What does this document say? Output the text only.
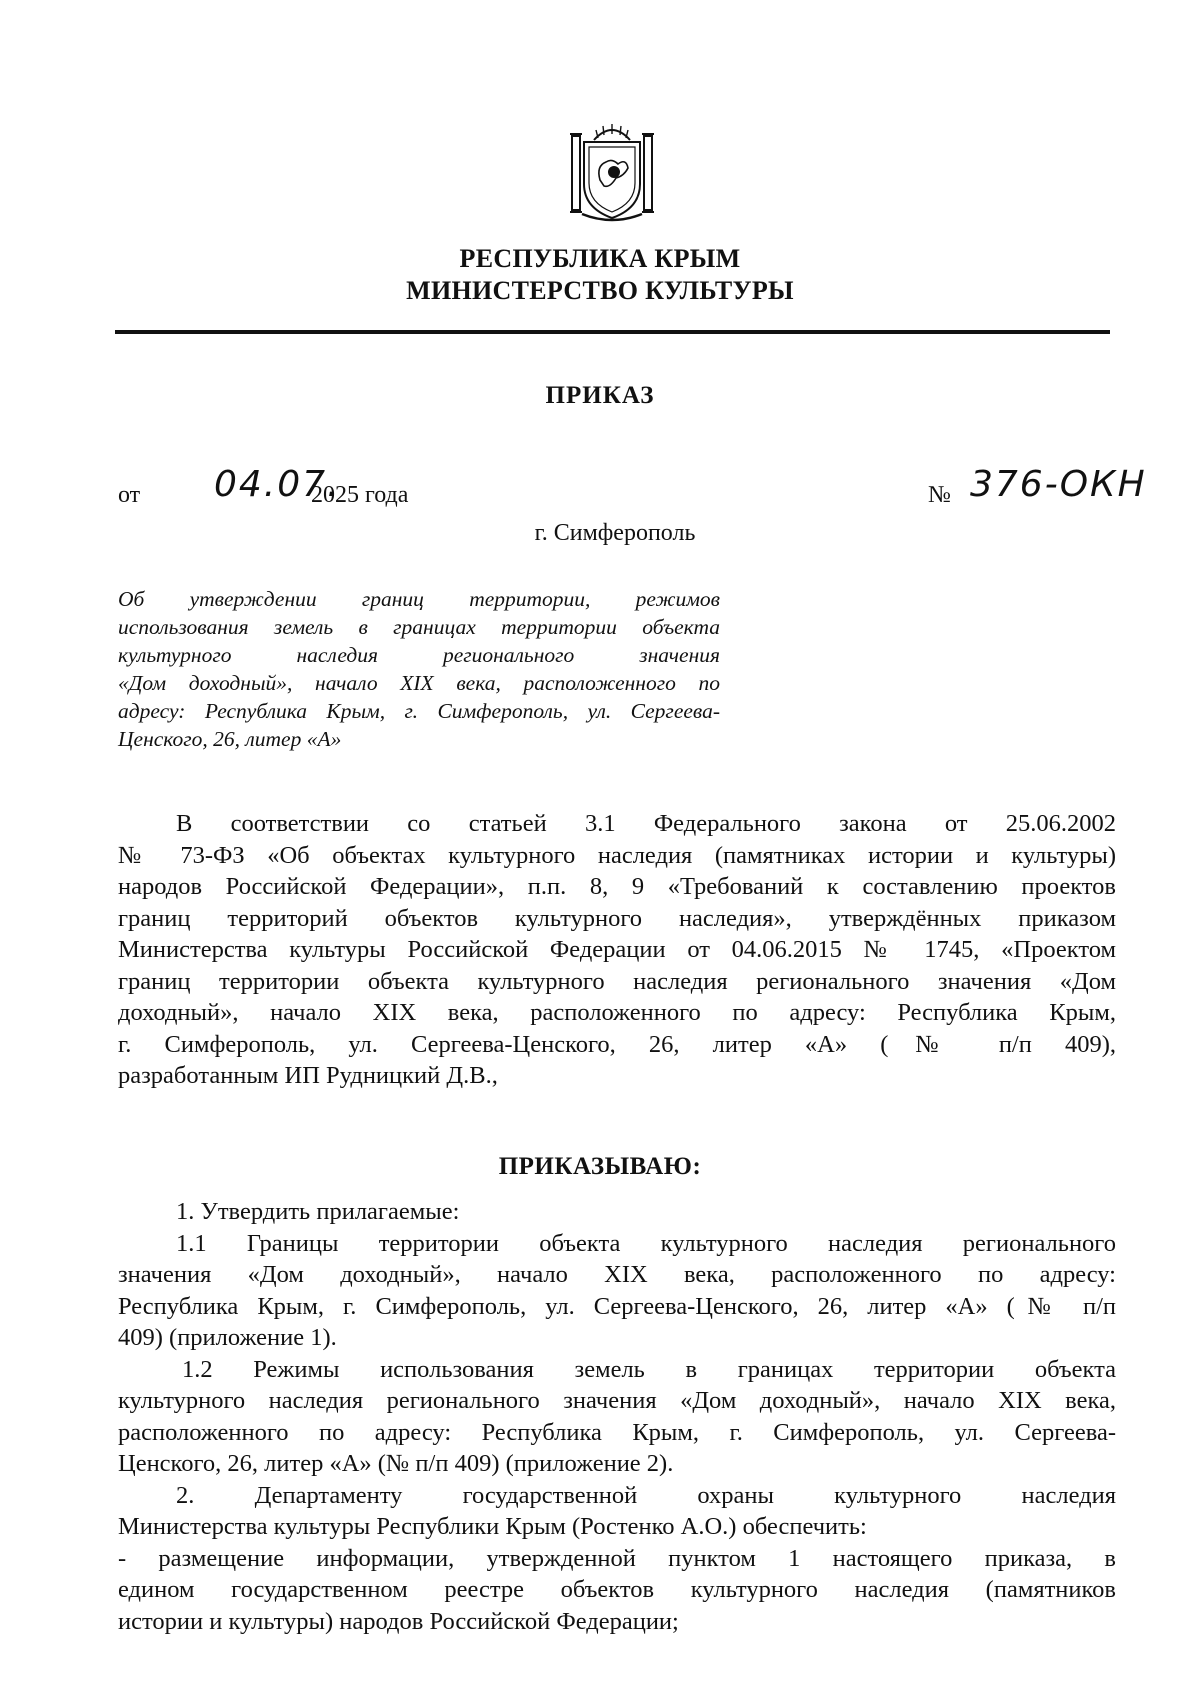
РЕСПУБЛИКА КРЫМ
МИНИСТЕРСТВО КУЛЬТУРЫ
ПРИКАЗ
от 04.07.
2025 года	№ 376-ОКН
г. Симферополь
Об утверждении границ территории, режимов
использования земель в границах территории объекта
культурного наследия регионального значения
«Дом доходный», начало XIX века, расположенного по
адресу: Республика Крым, г. Симферополь, ул. Сергеева-
Ценского, 26, литер «А»
В соответствии со статьей 3.1 Федерального закона от 25.06.2002
№ 73-ФЗ «Об объектах культурного наследия (памятниках истории и культуры)
народов Российской Федерации», п.п. 8, 9 «Требований к составлению проектов
границ территорий объектов культурного наследия», утверждённых приказом
Министерства культуры Российской Федерации от 04.06.2015 № 1745, «Проектом
границ территории объекта культурного наследия регионального значения «Дом
доходный», начало XIX века, расположенного по адресу: Республика Крым,
г. Симферополь, ул. Сергеева-Ценского, 26, литер «А» (№ п/п 409),
разработанным ИП Рудницкий Д.В.,
ПРИКАЗЫВАЮ:
1. Утвердить прилагаемые:
1.1 Границы территории объекта культурного наследия регионального
значения «Дом доходный», начало XIX века, расположенного по адресу:
Республика Крым, г. Симферополь, ул. Сергеева-Ценского, 26, литер «А» (№ п/п
409) (приложение 1).
1.2 Режимы использования земель в границах территории объекта
культурного наследия регионального значения «Дом доходный», начало XIX века,
расположенного по адресу: Республика Крым, г. Симферополь, ул. Сергеева-
Ценского, 26, литер «А» (№ п/п 409) (приложение 2).
2. Департаменту государственной охраны культурного наследия
Министерства культуры Республики Крым (Ростенко А.О.) обеспечить:
- размещение информации, утвержденной пунктом 1 настоящего приказа, в
едином государственном реестре объектов культурного наследия (памятников
истории и культуры) народов Российской Федерации;
